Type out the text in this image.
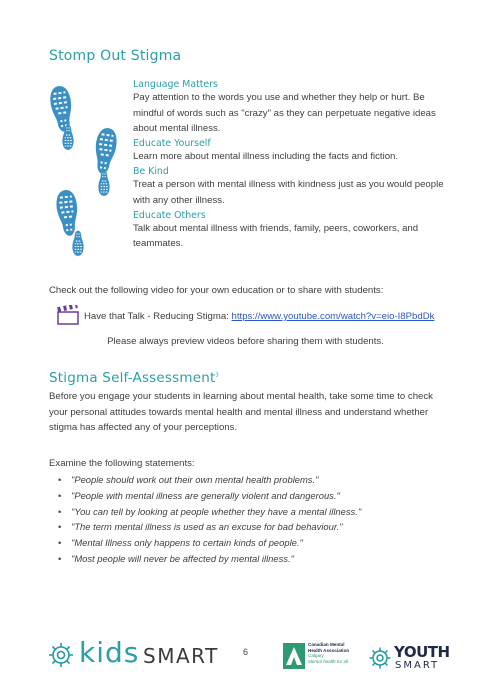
Stomp Out Stigma
Language Matters
Pay attention to the words you use and whether they help or hurt. Be
mindful of words such as "crazy" as they can perpetuate negative ideas
about mental illness.
Educate Yourself
Learn more about mental illness including the facts and fiction.
Be Kind
Treat a person with mental illness with kindness just as you would people
with any other illness.
Educate Others
Talk about mental illness with friends, family, peers, coworkers, and
teammates.
Check out the following video for your own education or to share with students:
Have that Talk - Reducing Stigma: https://www.youtube.com/watch?v=eio-I8PbdDk
Please always preview videos before sharing them with students.
Stigma Self-Assessment$^3$
Before you engage your students in learning about mental health, take some time to check
your personal attitudes towards mental health and mental illness and understand whether
stigma has affected any of your perceptions.
Examine the following statements:
• "People should work out their own mental health problems."
• "People with mental illness are generally violent and dangerous."
• "You can tell by looking at people whether they have a mental illness."
• "The term mental illness is used as an excuse for bad behaviour."
• "Mental Illness only happens to certain kinds of people."
• "Most people will never be affected by mental illness."
kids SMART	6
Canadian Mental
Health Association
Calgary
Mental health for all
YOUTH
SMART
